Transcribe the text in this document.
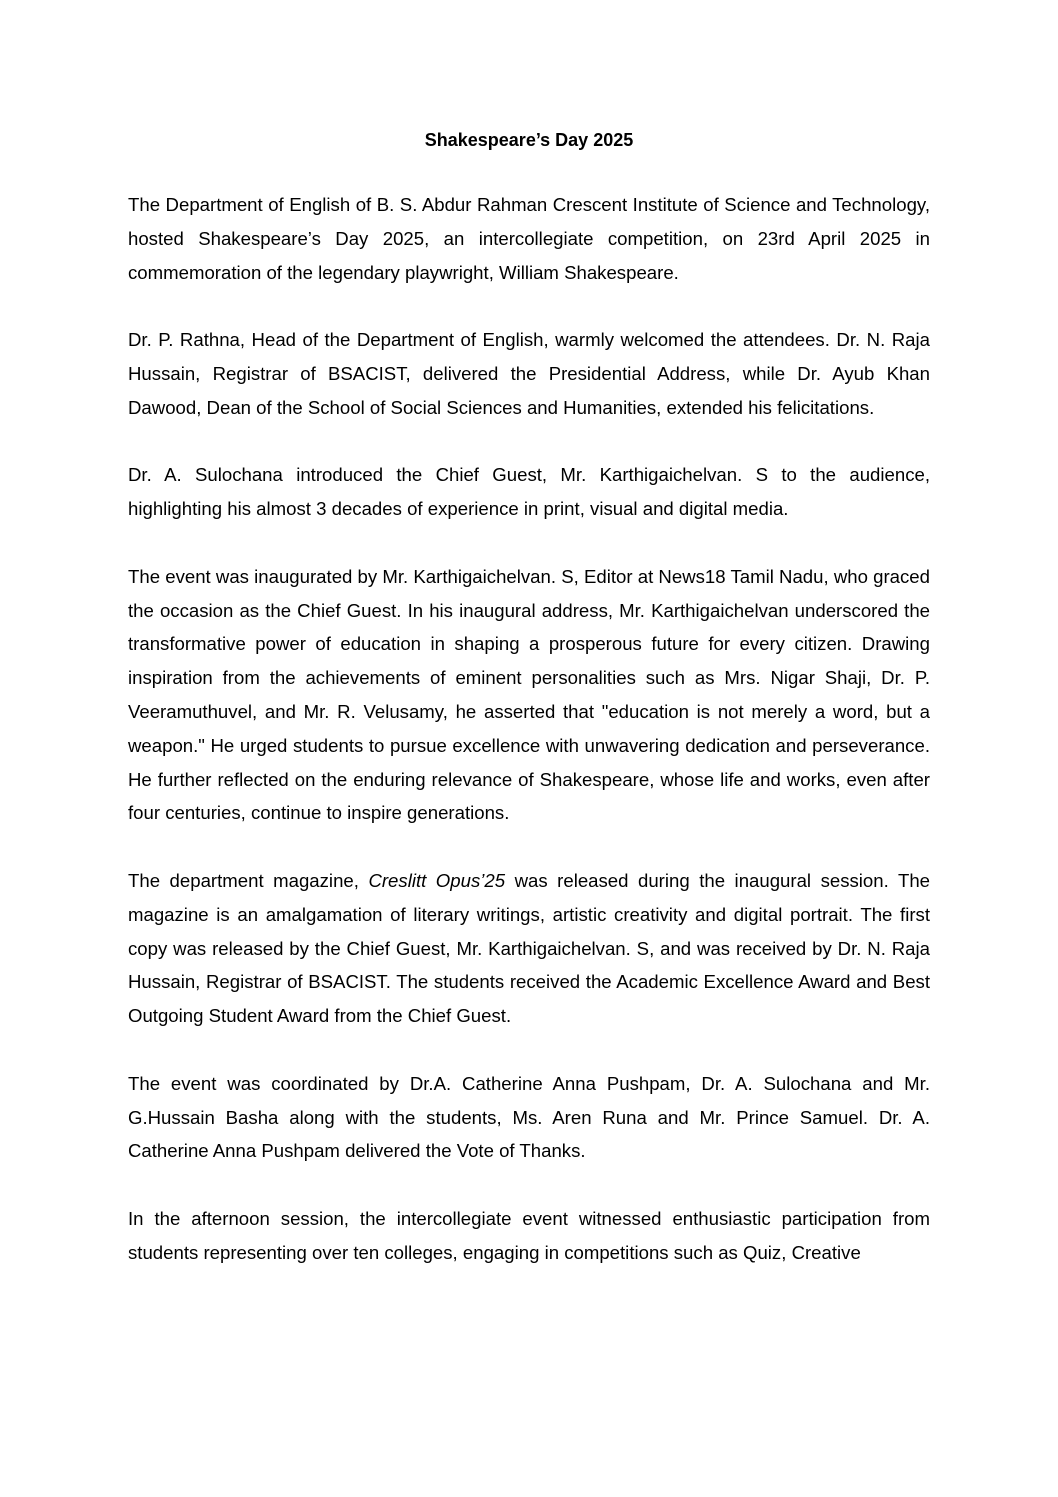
Shakespeare’s Day 2025

The Department of English of B. S. Abdur Rahman Crescent Institute of Science and Technology, hosted Shakespeare’s Day 2025, an intercollegiate competition, on 23rd April 2025 in commemoration of the legendary playwright, William Shakespeare.

Dr. P. Rathna, Head of the Department of English, warmly welcomed the attendees. Dr. N. Raja Hussain, Registrar of BSACIST, delivered the Presidential Address, while Dr. Ayub Khan Dawood, Dean of the School of Social Sciences and Humanities, extended his felicitations.

Dr. A. Sulochana introduced the Chief Guest, Mr. Karthigaichelvan. S to the audience, highlighting his almost 3 decades of experience in print, visual and digital media.

The event was inaugurated by Mr. Karthigaichelvan. S, Editor at News18 Tamil Nadu, who graced the occasion as the Chief Guest. In his inaugural address, Mr. Karthigaichelvan underscored the transformative power of education in shaping a prosperous future for every citizen. Drawing inspiration from the achievements of eminent personalities such as Mrs. Nigar Shaji, Dr. P. Veeramuthuvel, and Mr. R. Velusamy, he asserted that "education is not merely a word, but a weapon." He urged students to pursue excellence with unwavering dedication and perseverance. He further reflected on the enduring relevance of Shakespeare, whose life and works, even after four centuries, continue to inspire generations.

The department magazine, Creslitt Opus’25 was released during the inaugural session. The magazine is an amalgamation of literary writings, artistic creativity and digital portrait. The first copy was released by the Chief Guest, Mr. Karthigaichelvan. S, and was received by Dr. N. Raja Hussain, Registrar of BSACIST. The students received the Academic Excellence Award and Best Outgoing Student Award from the Chief Guest.

The event was coordinated by Dr.A. Catherine Anna Pushpam, Dr. A. Sulochana and Mr. G.Hussain Basha along with the students, Ms. Aren Runa and Mr. Prince Samuel. Dr. A. Catherine Anna Pushpam delivered the Vote of Thanks.

In the afternoon session, the intercollegiate event witnessed enthusiastic participation from students representing over ten colleges, engaging in competitions such as Quiz, Creative
